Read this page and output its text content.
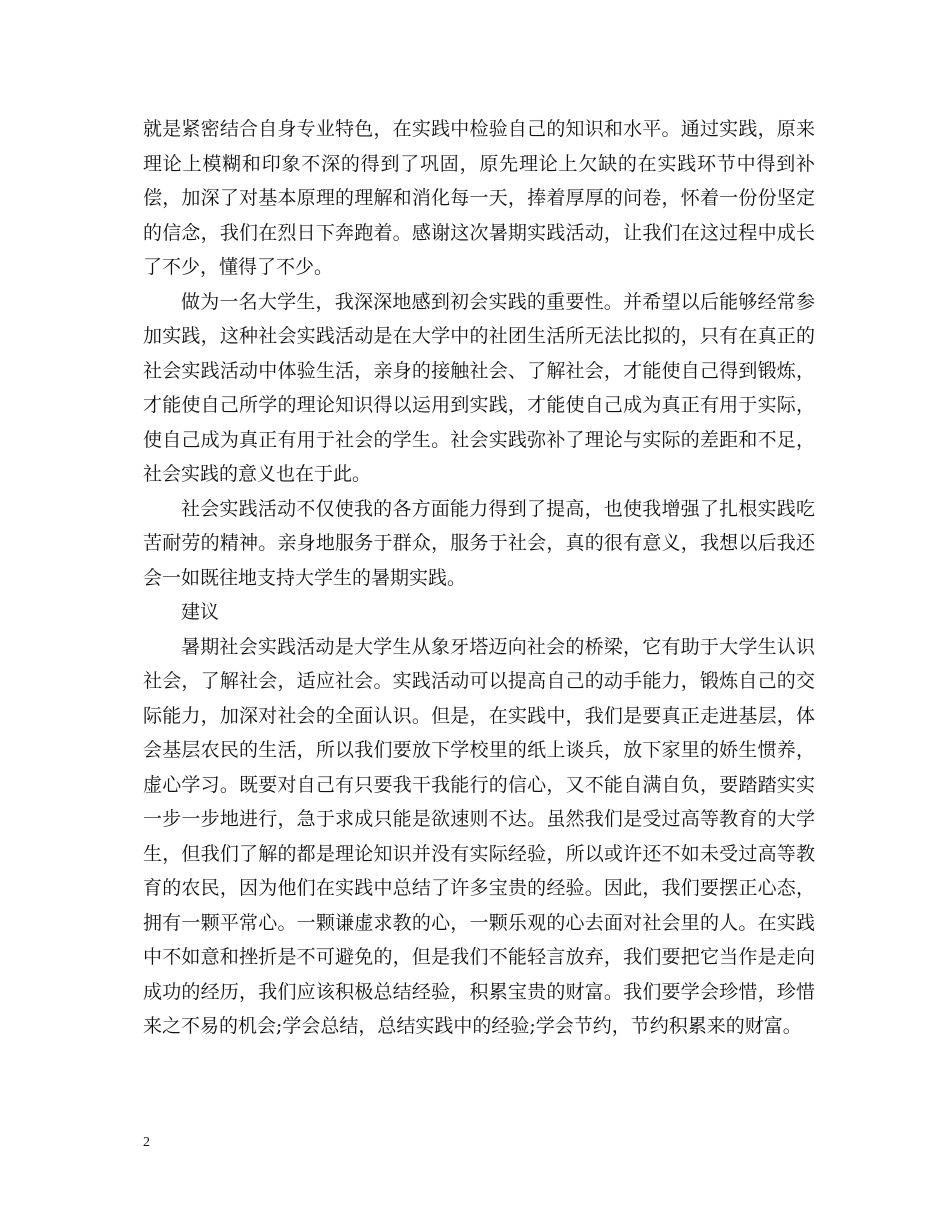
就是紧密结合自身专业特色，在实践中检验自己的知识和水平。通过实践，原来理论上模糊和印象不深的得到了巩固，原先理论上欠缺的在实践环节中得到补偿，加深了对基本原理的理解和消化每一天，捧着厚厚的问卷，怀着一份份坚定的信念，我们在烈日下奔跑着。感谢这次暑期实践活动，让我们在这过程中成长了不少，懂得了不少。

做为一名大学生，我深深地感到初会实践的重要性。并希望以后能够经常参加实践，这种社会实践活动是在大学中的社团生活所无法比拟的，只有在真正的社会实践活动中体验生活，亲身的接触社会、了解社会，才能使自己得到锻炼，才能使自己所学的理论知识得以运用到实践，才能使自己成为真正有用于实际，使自己成为真正有用于社会的学生。社会实践弥补了理论与实际的差距和不足，社会实践的意义也在于此。

社会实践活动不仅使我的各方面能力得到了提高，也使我增强了扎根实践吃苦耐劳的精神。亲身地服务于群众，服务于社会，真的很有意义，我想以后我还会一如既往地支持大学生的暑期实践。

建议

暑期社会实践活动是大学生从象牙塔迈向社会的桥梁，它有助于大学生认识社会，了解社会，适应社会。实践活动可以提高自己的动手能力，锻炼自己的交际能力，加深对社会的全面认识。但是，在实践中，我们是要真正走进基层，体会基层农民的生活，所以我们要放下学校里的纸上谈兵，放下家里的娇生惯养，虚心学习。既要对自己有只要我干我能行的信心，又不能自满自负，要踏踏实实一步一步地进行，急于求成只能是欲速则不达。虽然我们是受过高等教育的大学生，但我们了解的都是理论知识并没有实际经验，所以或许还不如未受过高等教育的农民，因为他们在实践中总结了许多宝贵的经验。因此，我们要摆正心态，拥有一颗平常心。一颗谦虚求教的心，一颗乐观的心去面对社会里的人。在实践中不如意和挫折是不可避免的，但是我们不能轻言放弃，我们要把它当作是走向成功的经历，我们应该积极总结经验，积累宝贵的财富。我们要学会珍惜，珍惜来之不易的机会;学会总结，总结实践中的经验;学会节约，节约积累来的财富。

2
